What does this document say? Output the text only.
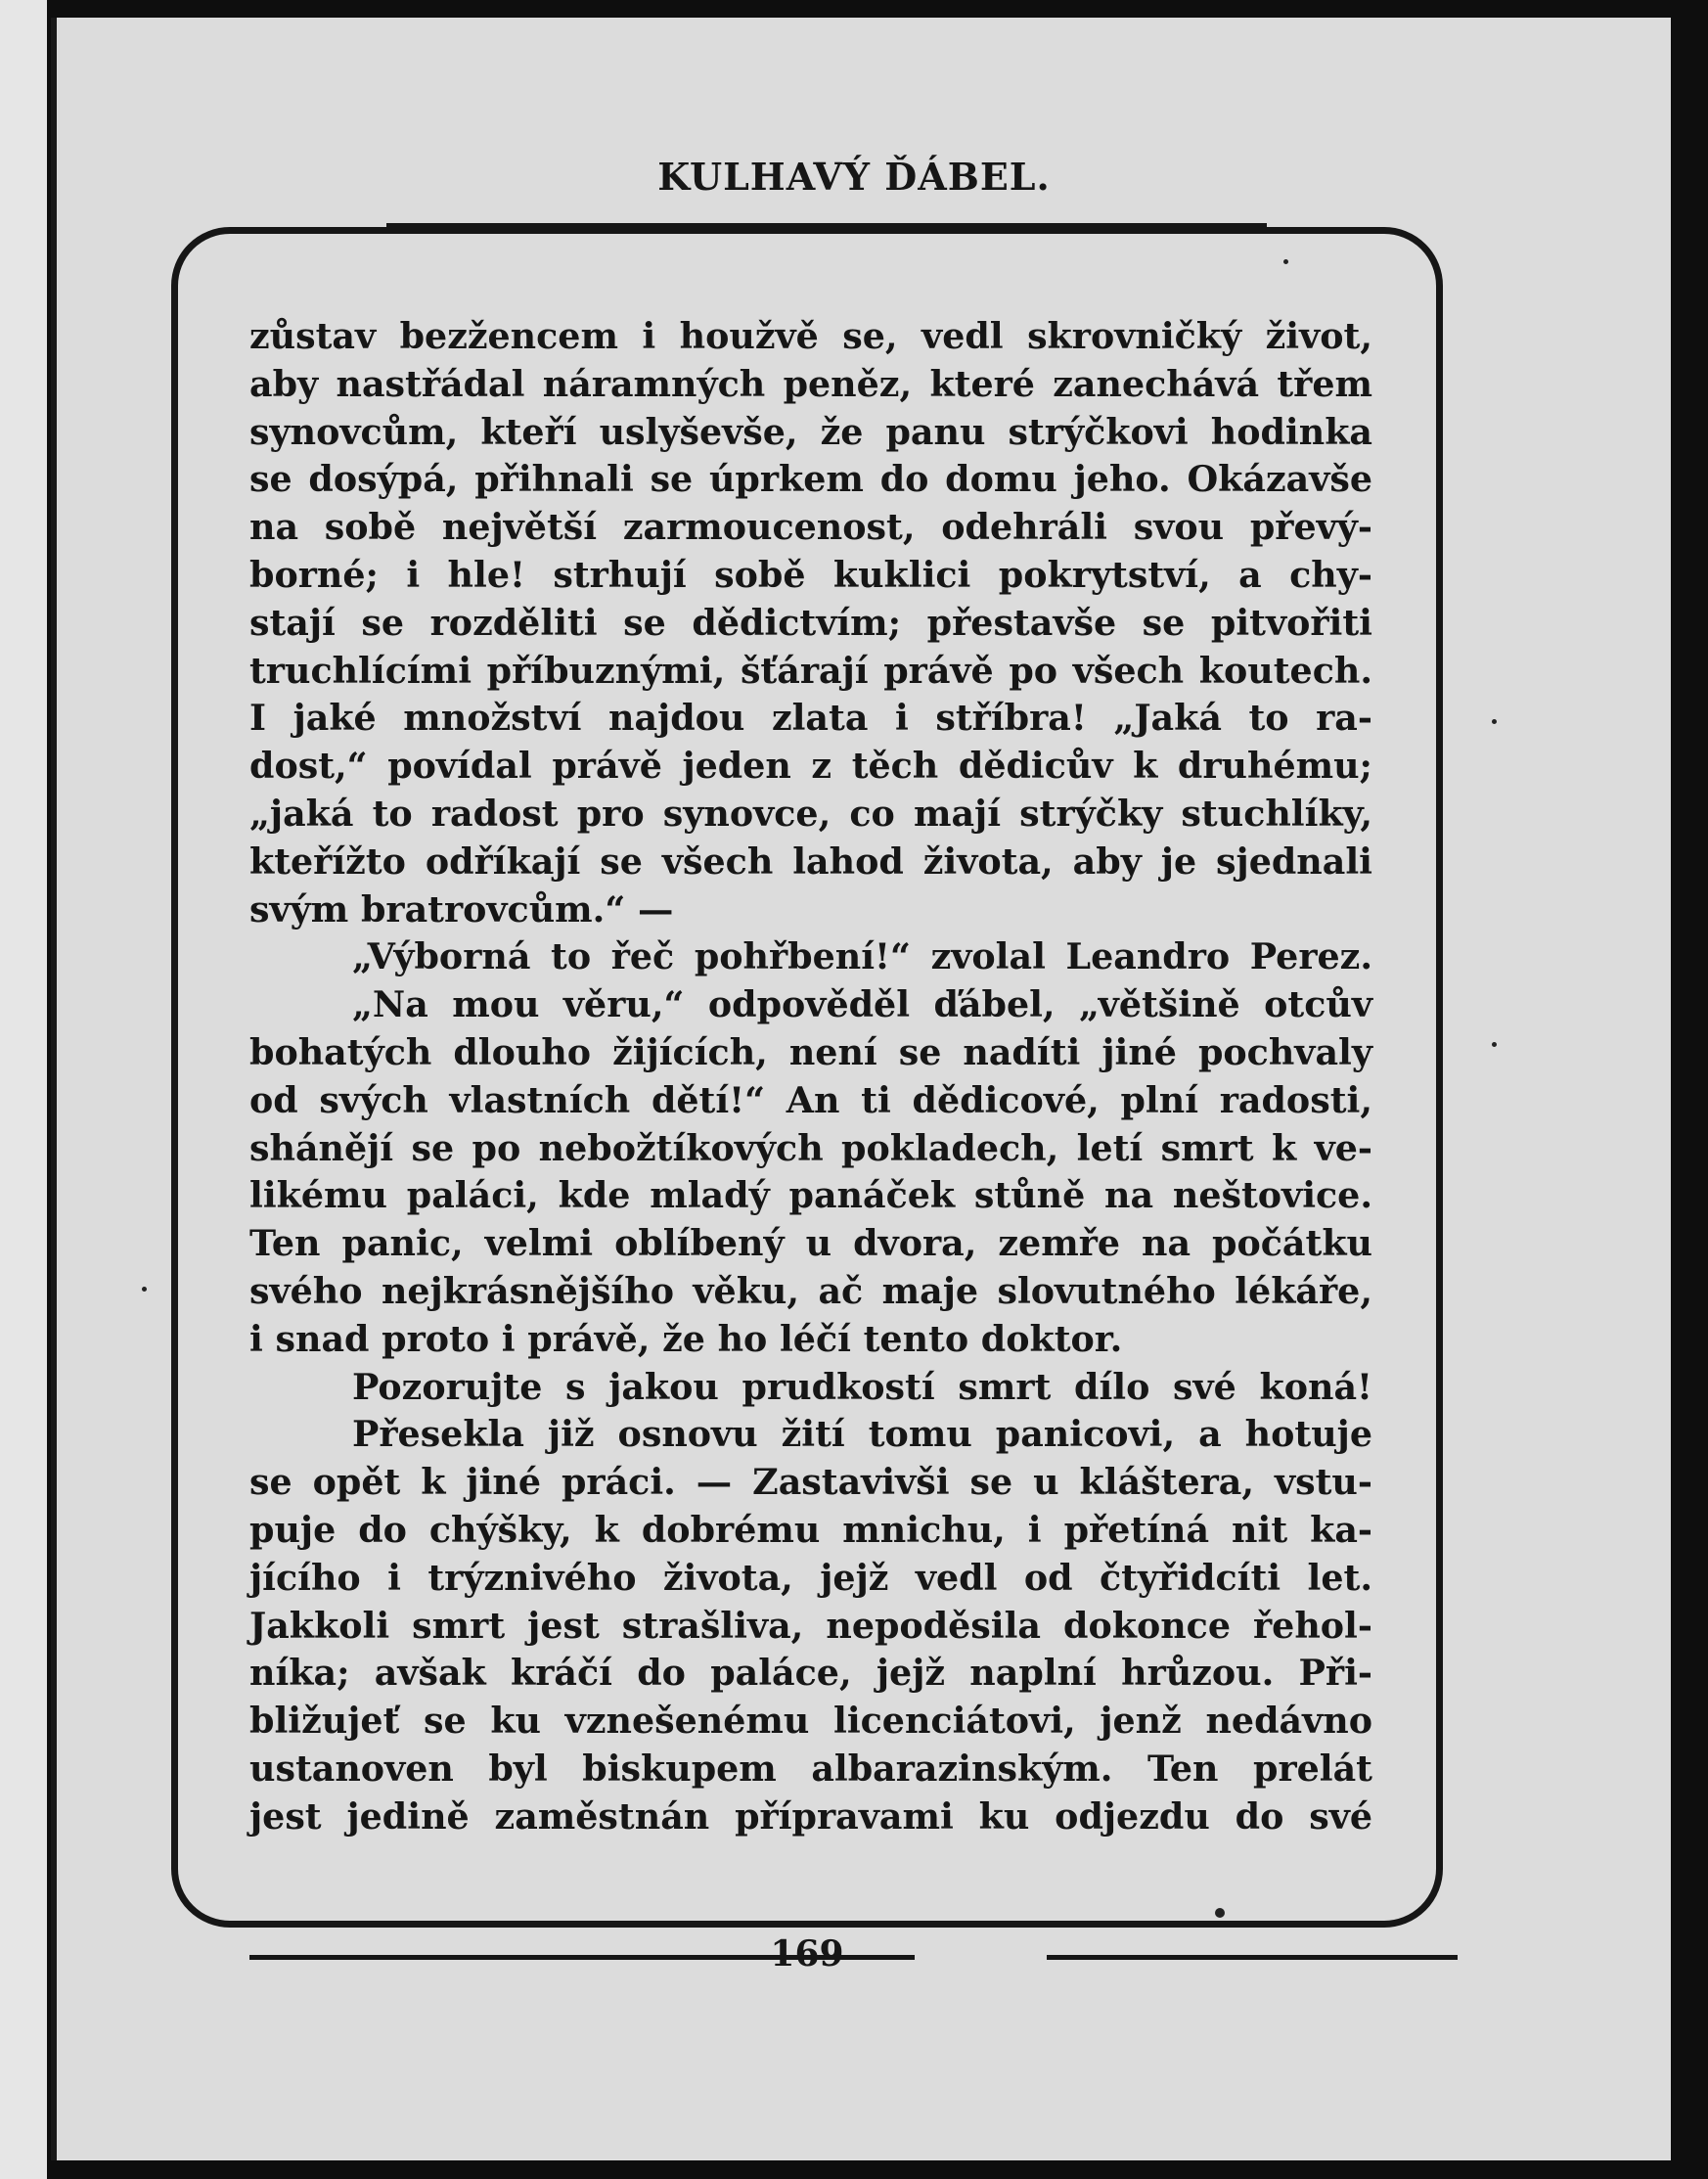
KULHAVÝ ĎÁBEL.
zůstav bezžencem i houžvě se, vedl skrovničký život,
aby nastřádal náramných peněz, které zanechává třem
synovcům, kteří uslyševše, že panu strýčkovi hodinka
se dosýpá, přihnali se úprkem do domu jeho. Okázavše
na sobě největší zarmoucenost, odehráli svou převý-
borné; i hle! strhují sobě kuklici pokrytství, a chy-
stají se rozděliti se dědictvím; přestavše se pitvořiti
truchlícími příbuznými, šťárají právě po všech koutech.
I jaké množství najdou zlata i stříbra! „Jaká to ra-
dost,“ povídal právě jeden z těch dědicův k druhému;
„jaká to radost pro synovce, co mají strýčky stuchlíky,
kteřížto odříkají se všech lahod života, aby je sjednali
svým bratrovcům.“ —
„Výborná to řeč pohřbení!“ zvolal Leandro Perez.
„Na mou věru,“ odpověděl ďábel, „většině otcův
bohatých dlouho žijících, není se nadíti jiné pochvaly
od svých vlastních dětí!“ An ti dědicové, plní radosti,
shánějí se po nebožtíkových pokladech, letí smrt k ve-
likému paláci, kde mladý panáček stůně na neštovice.
Ten panic, velmi oblíbený u dvora, zemře na počátku
svého nejkrásnějšího věku, ač maje slovutného lékáře,
i snad proto i právě, že ho léčí tento doktor.
Pozorujte s jakou prudkostí smrt dílo své koná!
Přesekla již osnovu žití tomu panicovi, a hotuje
se opět k jiné práci. — Zastavivši se u kláštera, vstu-
puje do chýšky, k dobrému mnichu, i přetíná nit ka-
jícího i trýznivého života, jejž vedl od čtyřidcíti let.
Jakkoli smrt jest strašliva, nepoděsila dokonce řehol-
níka; avšak kráčí do paláce, jejž naplní hrůzou. Při-
bližujeť se ku vznešenému licenciátovi, jenž nedávno
ustanoven byl biskupem albarazinským. Ten prelát
jest jedině zaměstnán přípravami ku odjezdu do své
169
